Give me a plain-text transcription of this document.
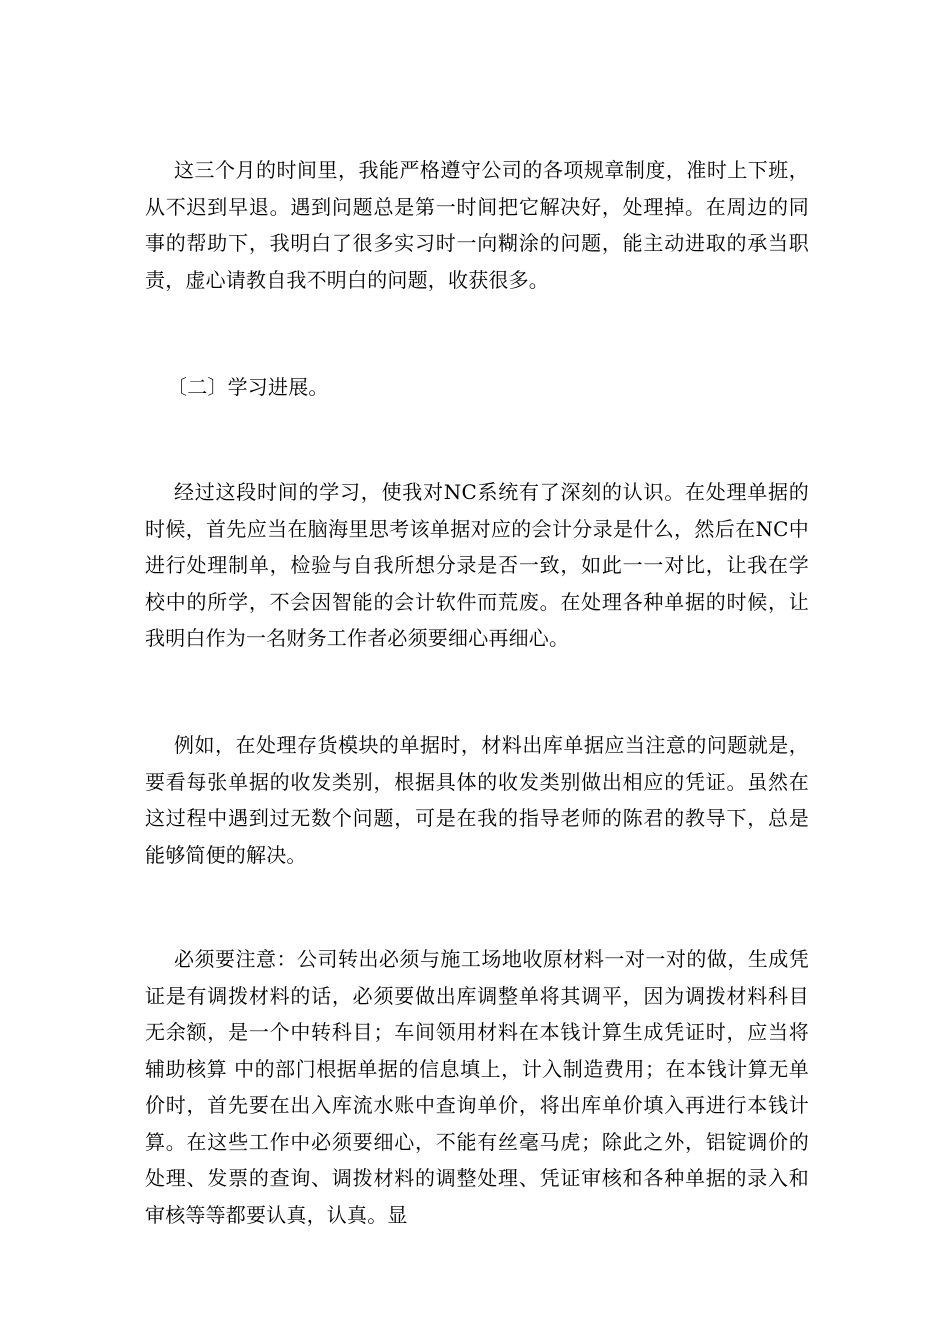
这三个月的时间里，我能严格遵守公司的各项规章制度，准时上下班，从不迟到早退。遇到问题总是第一时间把它解决好，处理掉。在周边的同事的帮助下，我明白了很多实习时一向糊涂的问题，能主动进取的承当职责，虚心请教自我不明白的问题，收获很多。

〔二〕学习进展。

经过这段时间的学习，使我对NC系统有了深刻的认识。在处理单据的时候，首先应当在脑海里思考该单据对应的会计分录是什么，然后在NC中进行处理制单，检验与自我所想分录是否一致，如此一一对比，让我在学校中的所学，不会因智能的会计软件而荒废。在处理各种单据的时候，让我明白作为一名财务工作者必须要细心再细心。

例如，在处理存货模块的单据时，材料出库单据应当注意的问题就是，要看每张单据的收发类别，根据具体的收发类别做出相应的凭证。虽然在这过程中遇到过无数个问题，可是在我的指导老师的陈君的教导下，总是能够简便的解决。

必须要注意：公司转出必须与施工场地收原材料一对一对的做，生成凭证是有调拨材料的话，必须要做出库调整单将其调平，因为调拨材料科目无余额，是一个中转科目；车间领用材料在本钱计算生成凭证时，应当将 辅助核算 中的部门根据单据的信息填上，计入制造费用；在本钱计算无单价时，首先要在出入库流水账中查询单价，将出库单价填入再进行本钱计算。在这些工作中必须要细心，不能有丝毫马虎；除此之外，铝锭调价的处理、发票的查询、调拨材料的调整处理、凭证审核和各种单据的录入和审核等等都要认真，认真。显
